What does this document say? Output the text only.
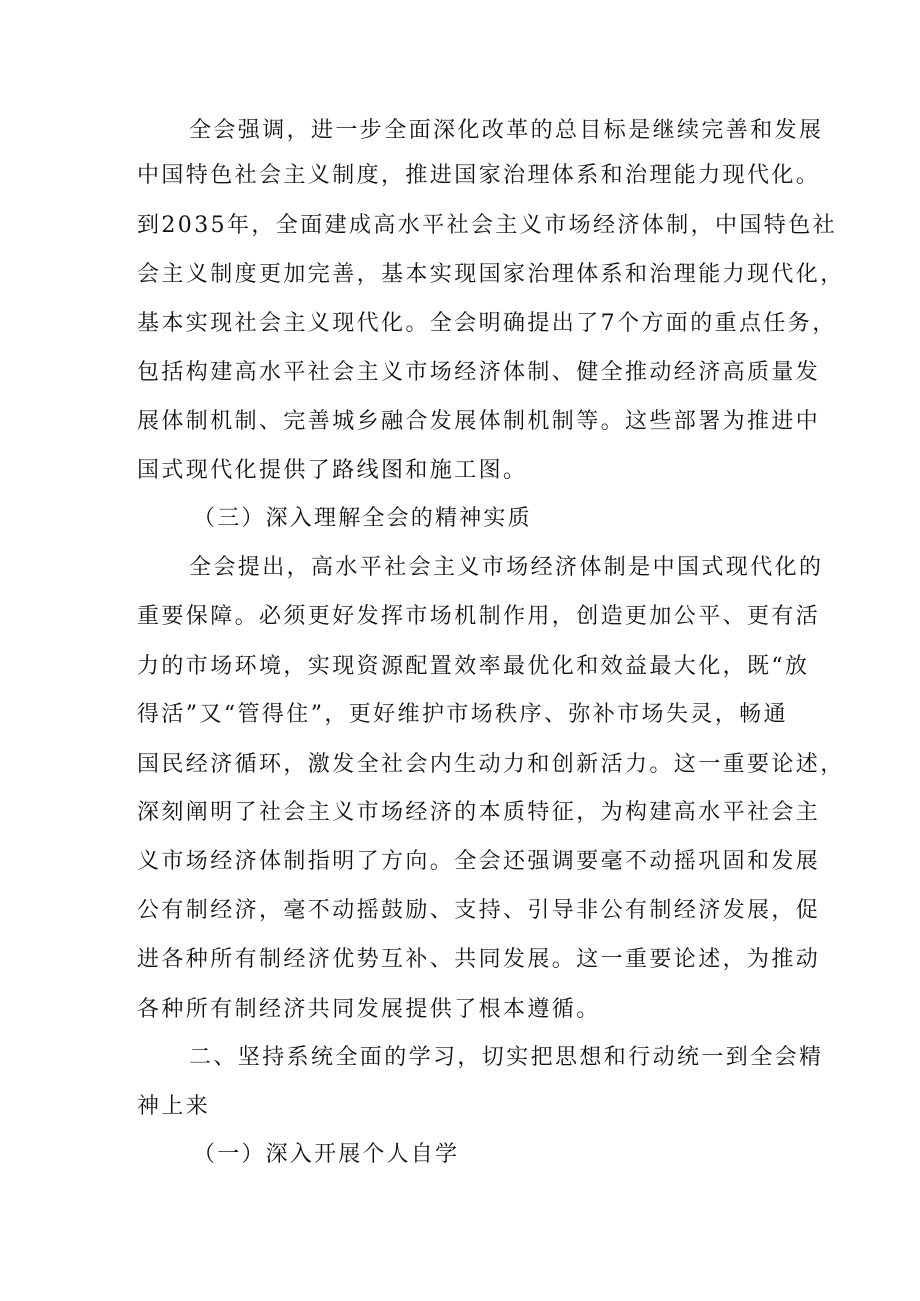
全会强调，进一步全面深化改革的总目标是继续完善和发展
中国特色社会主义制度，推进国家治理体系和治理能力现代化。
到2035年，全面建成高水平社会主义市场经济体制，中国特色社
会主义制度更加完善，基本实现国家治理体系和治理能力现代化，
基本实现社会主义现代化。全会明确提出了7个方面的重点任务，
包括构建高水平社会主义市场经济体制、健全推动经济高质量发
展体制机制、完善城乡融合发展体制机制等。这些部署为推进中
国式现代化提供了路线图和施工图。
（三）深入理解全会的精神实质
全会提出，高水平社会主义市场经济体制是中国式现代化的
重要保障。必须更好发挥市场机制作用，创造更加公平、更有活
力的市场环境，实现资源配置效率最优化和效益最大化，既“放
得活”又“管得住”，更好维护市场秩序、弥补市场失灵，畅通
国民经济循环，激发全社会内生动力和创新活力。这一重要论述，
深刻阐明了社会主义市场经济的本质特征，为构建高水平社会主
义市场经济体制指明了方向。全会还强调要毫不动摇巩固和发展
公有制经济，毫不动摇鼓励、支持、引导非公有制经济发展，促
进各种所有制经济优势互补、共同发展。这一重要论述，为推动
各种所有制经济共同发展提供了根本遵循。
二、坚持系统全面的学习，切实把思想和行动统一到全会精
神上来
（一）深入开展个人自学
